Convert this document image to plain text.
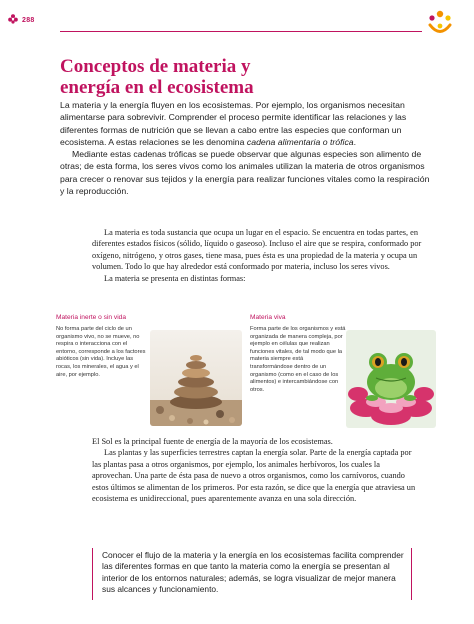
288
Conceptos de materia y
energía en el ecosistema

La materia y la energía fluyen en los ecosistemas. Por ejemplo, los organismos necesitan alimentarse para sobrevivir. Comprender el proceso permite identificar las relaciones y las diferentes formas de nutrición que se llevan a cabo entre las especies que conforman un ecosistema. A estas relaciones se les denomina cadena alimentaria o trófica.

Mediante estas cadenas tróficas se puede observar que algunas especies son alimento de otras; de esta forma, los seres vivos como los animales utilizan la materia de otros organismos para crecer o renovar sus tejidos y la energía para realizar funciones vitales como la respiración y la reproducción.

La materia es toda sustancia que ocupa un lugar en el espacio. Se encuentra en todas partes, en diferentes estados físicos (sólido, líquido o gaseoso). Incluso el aire que se respira, conformado por oxígeno, nitrógeno, y otros gases, tiene masa, pues ésta es una propiedad de la materia y ocupa un volumen. Todo lo que hay alrededor está conformado por materia, incluso los seres vivos.

La materia se presenta en distintas formas:

Materia inerte o sin vida
No forma parte del ciclo de un organismo vivo, no se mueve, no respira o interacciona con el entorno, corresponde a los factores abióticos (sin vida). Incluye las rocas, los minerales, el agua y el aire, por ejemplo.
Materia viva
Forma parte de los organismos y está organizada de manera compleja, por ejemplo en células que realizan funciones vitales, de tal modo que la materia siempre está transformándose dentro de un organismo (como en el caso de los alimentos) e intercambiándose con otros.

El Sol es la principal fuente de energía de la mayoría de los ecosistemas.

Las plantas y las superficies terrestres captan la energía solar. Parte de la energía captada por las plantas pasa a otros organismos, por ejemplo, los animales herbívoros, los cuales la aprovechan. Una parte de ésta pasa de nuevo a otros organismos, como los carnívoros, cuando estos últimos se alimentan de los primeros. Por esta razón, se dice que la energía que atraviesa un ecosistema es unidireccional, pues aparentemente avanza en una sola dirección.

Conocer el flujo de la materia y la energía en los ecosistemas facilita comprender las diferentes formas en que tanto la materia como la energía se presentan al interior de los entornos naturales; además, se logra visualizar de mejor manera sus alcances y funcionamiento.
